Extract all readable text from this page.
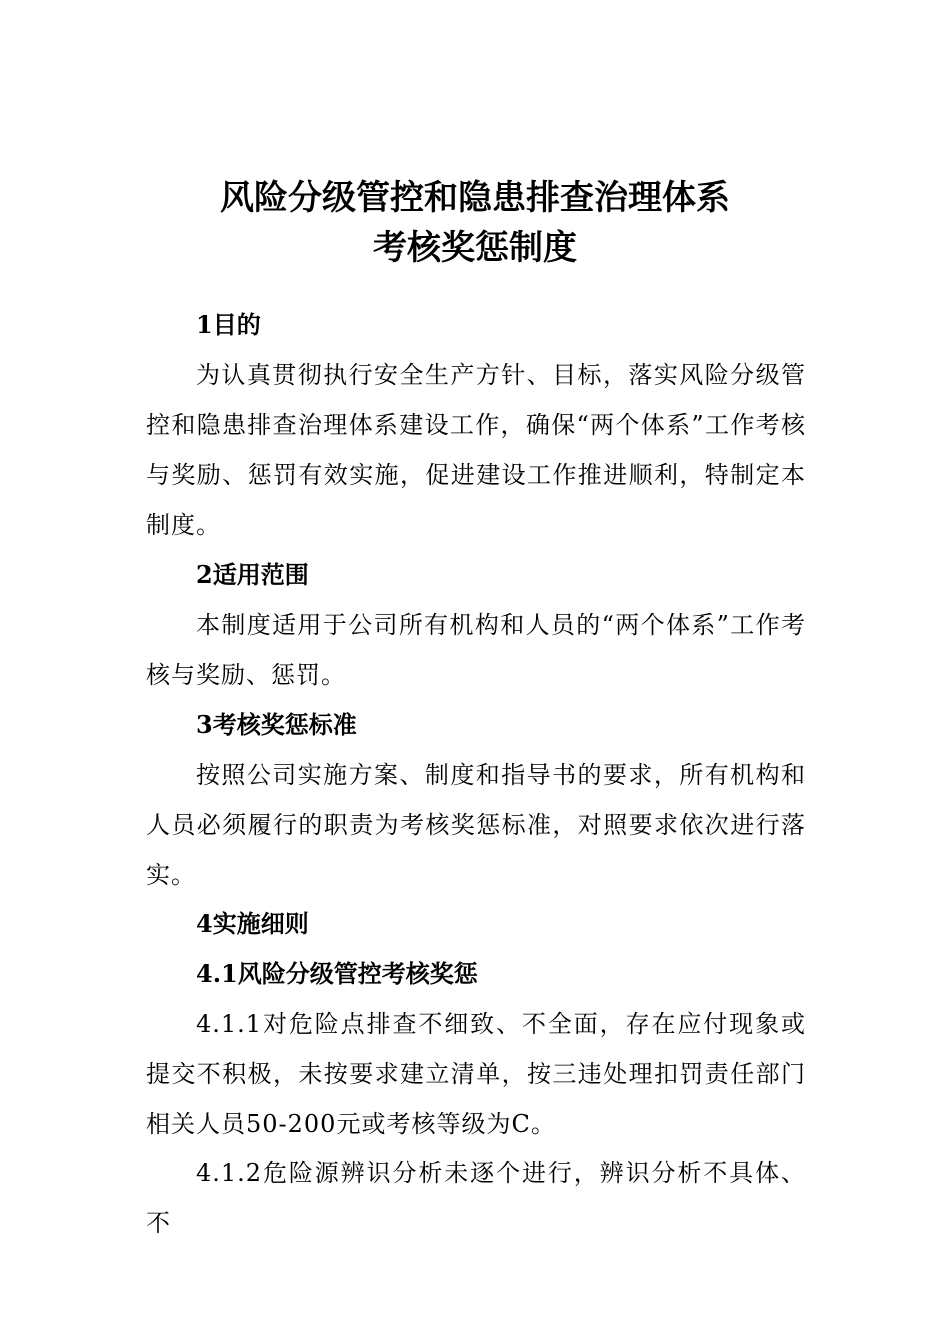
风险分级管控和隐患排查治理体系
考核奖惩制度
1目的

为认真贯彻执行安全生产方针、目标，落实风险分级管控和隐患排查治理体系建设工作，确保“两个体系”工作考核与奖励、惩罚有效实施，促进建设工作推进顺利，特制定本制度。

2适用范围

本制度适用于公司所有机构和人员的“两个体系”工作考核与奖励、惩罚。

3考核奖惩标准

按照公司实施方案、制度和指导书的要求，所有机构和人员必须履行的职责为考核奖惩标准，对照要求依次进行落实。

4实施细则
4.1风险分级管控考核奖惩

4.1.1对危险点排查不细致、不全面，存在应付现象或提交不积极，未按要求建立清单，按三违处理扣罚责任部门相关人员50-200元或考核等级为C。

4.1.2危险源辨识分析未逐个进行，辨识分析不具体、不
